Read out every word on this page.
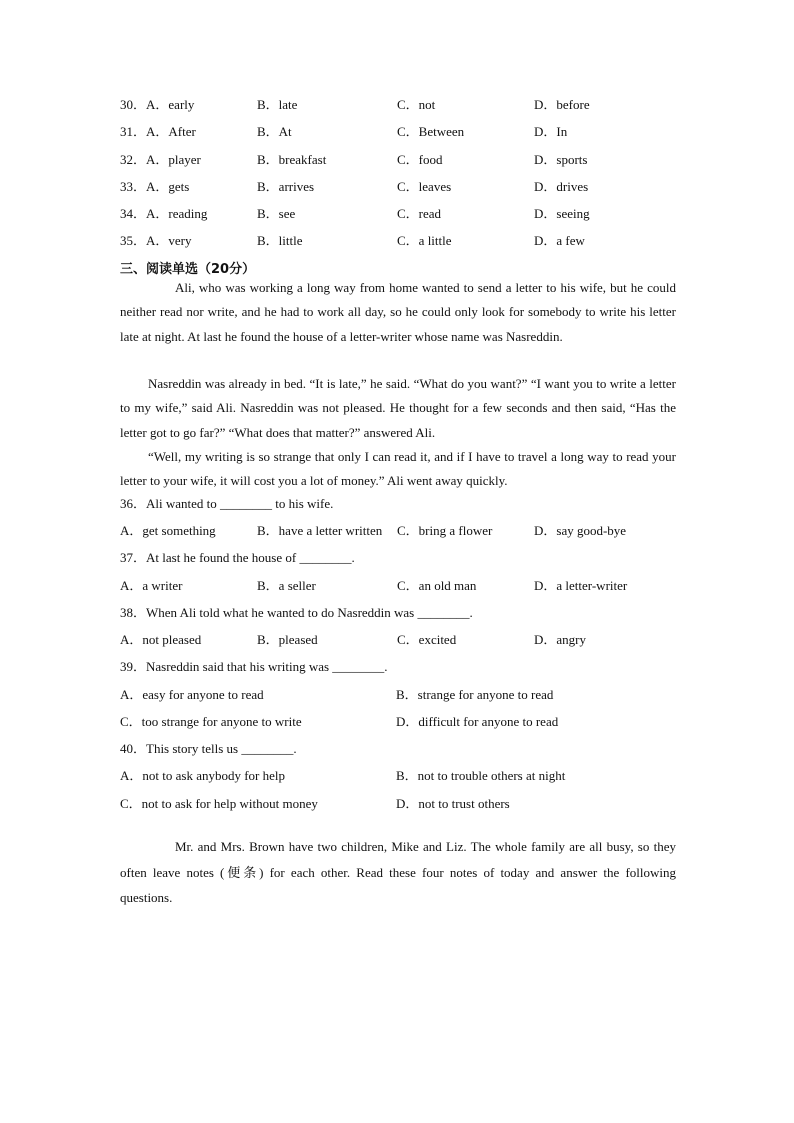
30．A．early	B．late	C．not	D．before
31．A．After	B．At	C．Between	D．In
32．A．player	B．breakfast	C．food	D．sports
33．A．gets	B．arrives	C．leaves	D．drives
34．A．reading	B．see	C．read	D．seeing
35．A．very	B．little	C．a little	D．a few
三、阅读单选（20分）
Ali, who was working a long way from home wanted to send a letter to his wife, but he could neither read nor write, and he had to work all day, so he could only look for somebody to write his letter late at night. At last he found the house of a letter-writer whose name was Nasreddin.
Nasreddin was already in bed. “It is late,” he said. “What do you want?” “I want you to write a letter to my wife,” said Ali. Nasreddin was not pleased. He thought for a few seconds and then said, “Has the letter got to go far?” “What does that matter?” answered Ali.
“Well, my writing is so strange that only I can read it, and if I have to travel a long way to read your letter to your wife, it will cost you a lot of money.” Ali went away quickly.
36．Ali wanted to ________ to his wife.
A．get something	B．have a letter written C．bring a flower	D．say good-bye
37．At last he found the house of ________.
A．a writer	B．a seller	C．an old man	D．a letter-writer
38．When Ali told what he wanted to do Nasreddin was ________.
A．not pleased	B．pleased	C．excited	D．angry
39．Nasreddin said that his writing was ________.
A．easy for anyone to read	B．strange for anyone to read
C．too strange for anyone to write	D．difficult for anyone to read
40．This story tells us ________.
A．not to ask anybody for help	B．not to trouble others at night
C．not to ask for help without money	D．not to trust others
Mr. and Mrs. Brown have two children, Mike and Liz. The whole family are all busy, so they often leave notes (便条) for each other. Read these four notes of today and answer the following questions.
